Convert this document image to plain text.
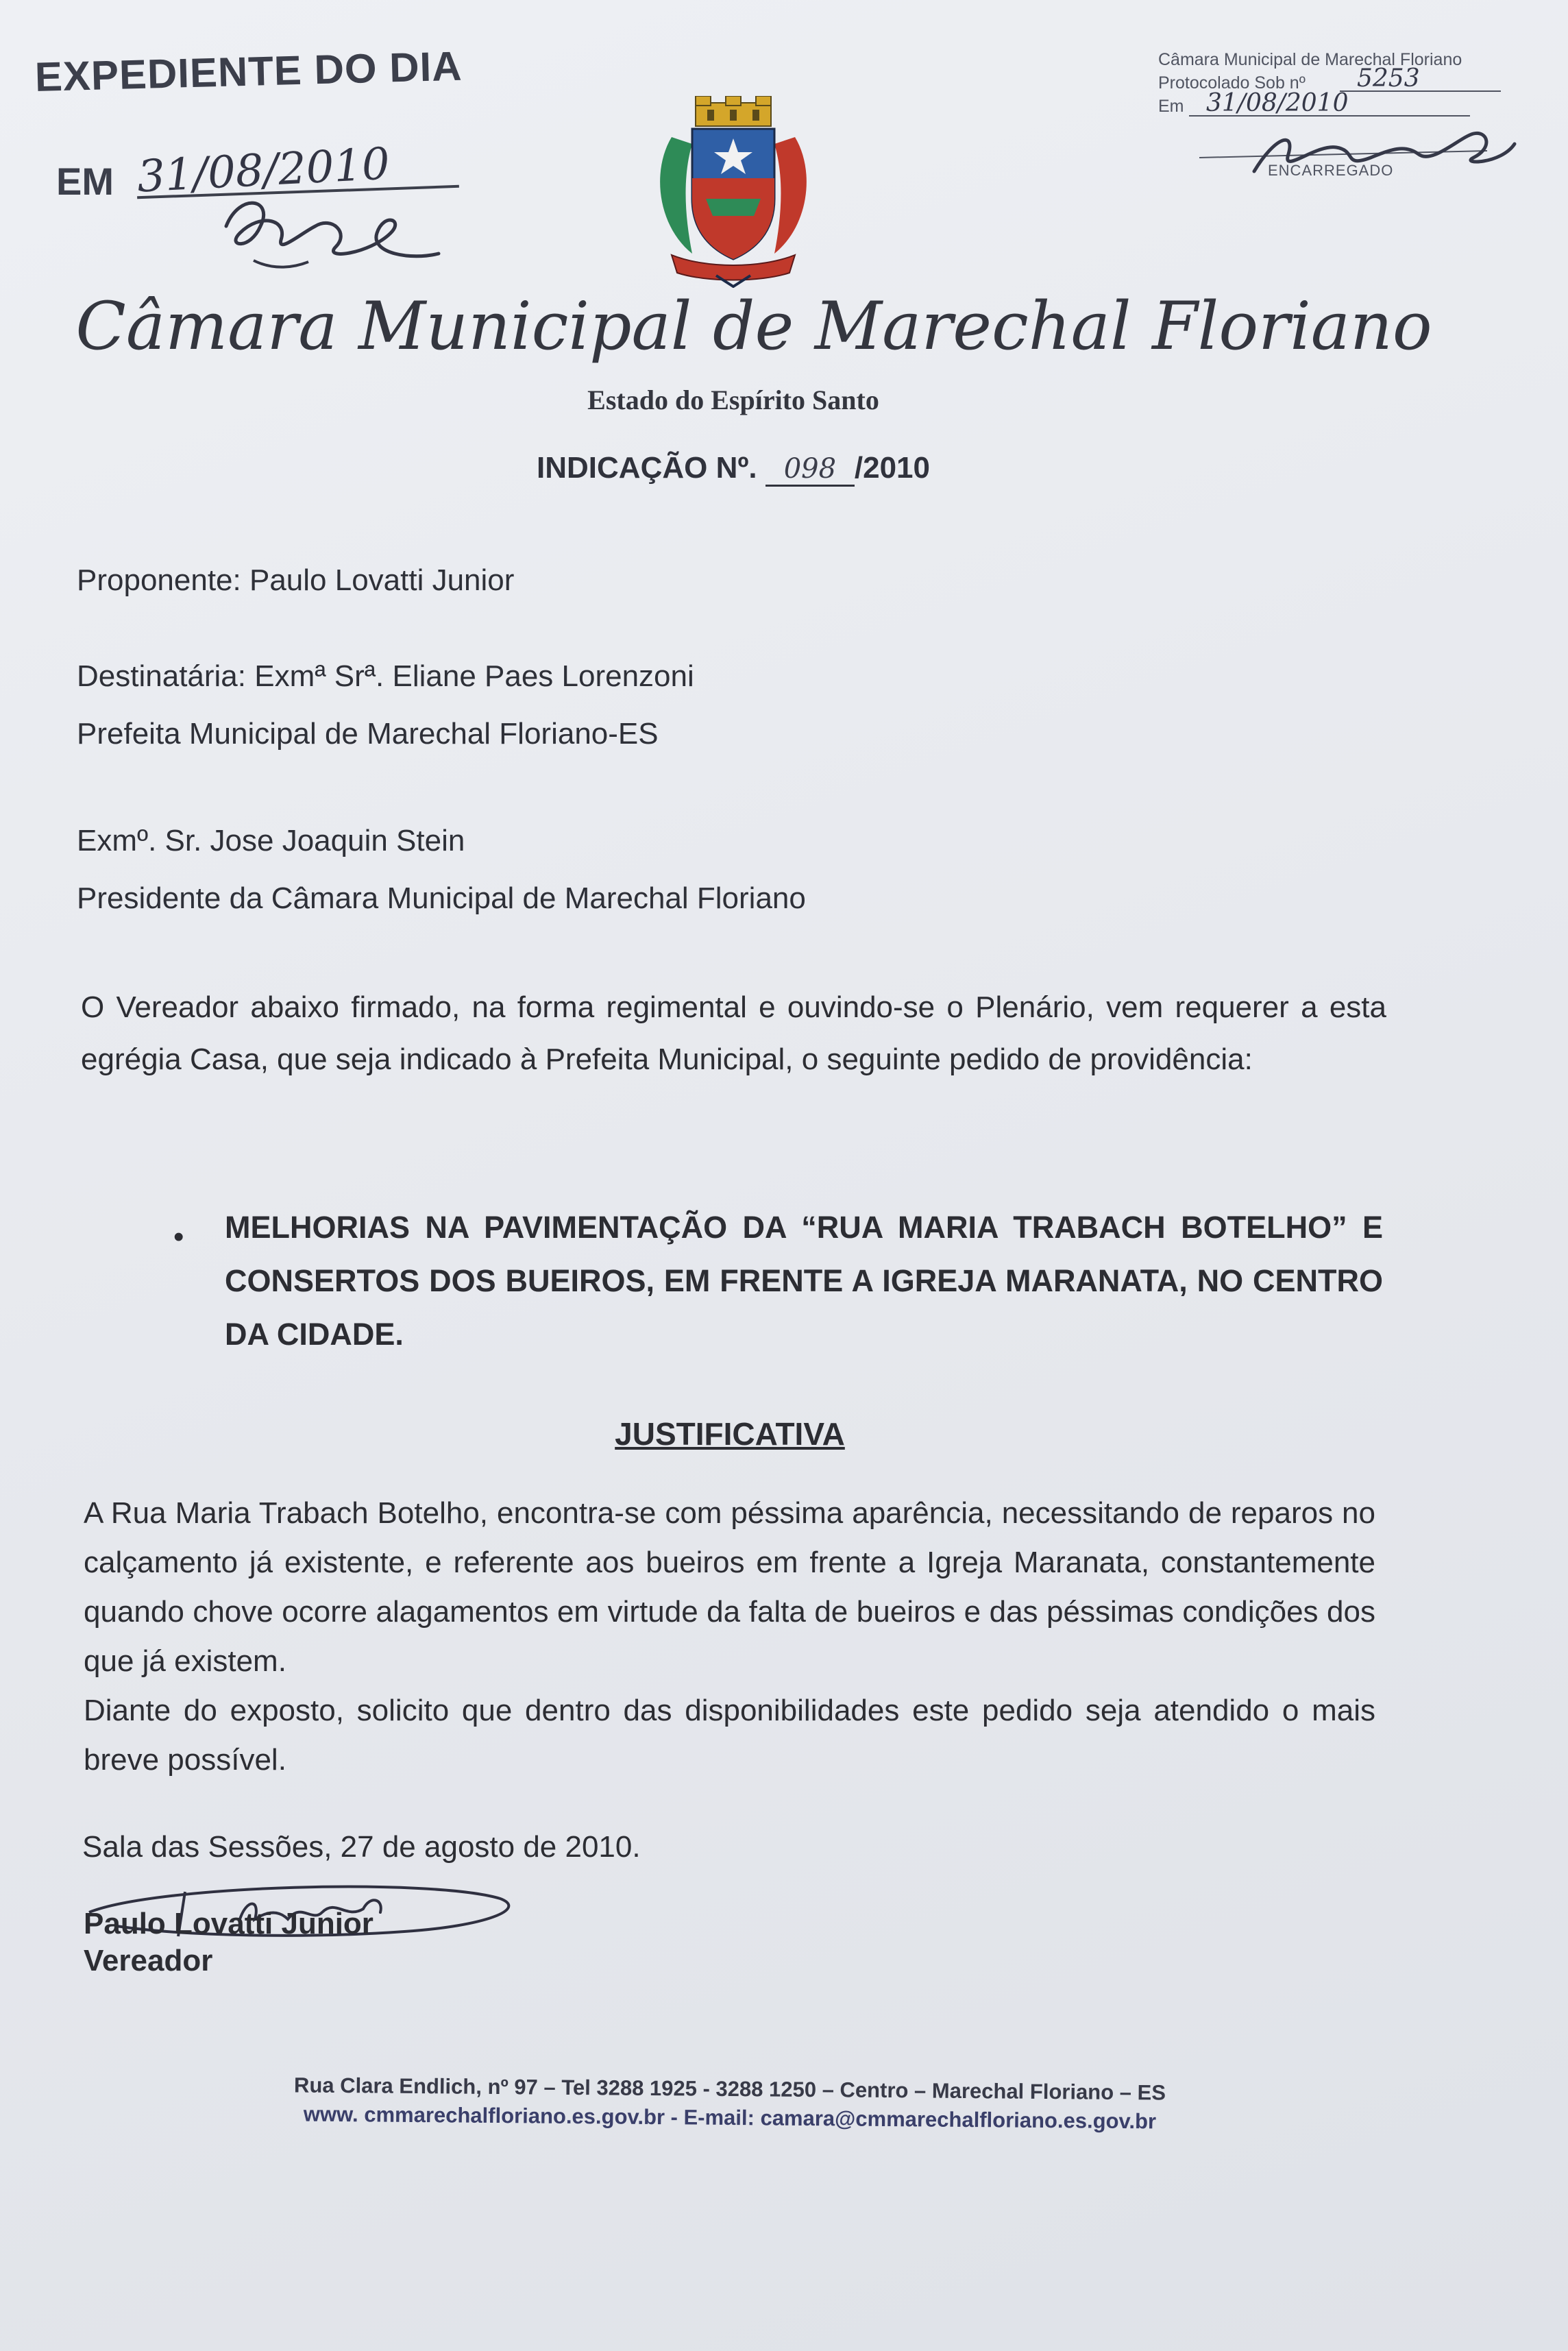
EXPEDIENTE DO DIA
EM 31/08/2010
Câmara Municipal de Marechal Floriano
Protocolado Sob nº 5253
Em 31/08/2010
ENCARREGADO
Câmara Municipal de Marechal Floriano
Estado do Espírito Santo
INDICAÇÃO Nº. 098 /2010
Proponente: Paulo Lovatti Junior
Destinatária: Exmª Srª. Eliane Paes Lorenzoni
Prefeita Municipal de Marechal Floriano-ES
Exmº. Sr. Jose Joaquin Stein
Presidente da Câmara Municipal de Marechal Floriano
O Vereador abaixo firmado, na forma regimental e ouvindo-se o Plenário, vem requerer a esta egrégia Casa, que seja indicado à Prefeita Municipal, o seguinte pedido de providência:
• MELHORIAS NA PAVIMENTAÇÃO DA “RUA MARIA TRABACH BOTELHO” E CONSERTOS DOS BUEIROS, EM FRENTE A IGREJA MARANATA, NO CENTRO DA CIDADE.
JUSTIFICATIVA
A Rua Maria Trabach Botelho, encontra-se com péssima aparência, necessitando de reparos no calçamento já existente, e referente aos bueiros em frente a Igreja Maranata, constantemente quando chove ocorre alagamentos em virtude da falta de bueiros e das péssimas condições dos que já existem.
Diante do exposto, solicito que dentro das disponibilidades este pedido seja atendido o mais breve possível.
Sala das Sessões, 27 de agosto de 2010.
Paulo Lovatti Junior
Vereador
Rua Clara Endlich, nº 97 – Tel 3288 1925 - 3288 1250 – Centro – Marechal Floriano – ES
www. cmmarechalfloriano.es.gov.br - E-mail: camara@cmmarechalfloriano.es.gov.br
